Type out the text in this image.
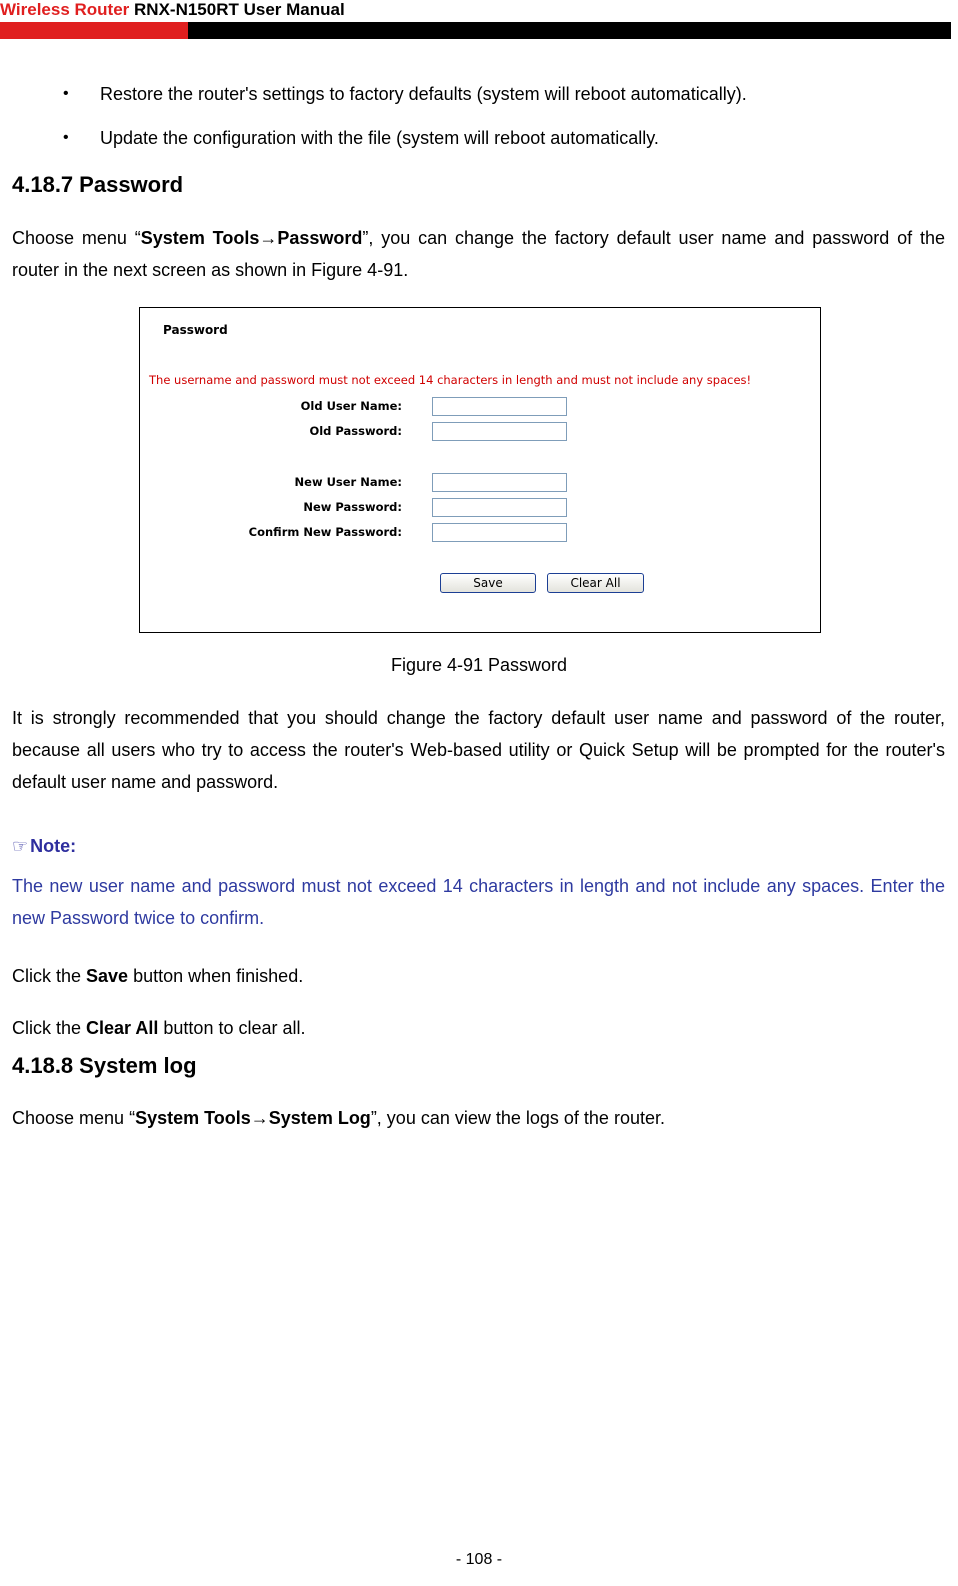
Wireless Router RNX-N150RT User Manual
• Restore the router's settings to factory defaults (system will reboot automatically).
• Update the configuration with the file (system will reboot automatically.
4.18.7 Password
Choose menu “System Tools→Password”, you can change the factory default user name and password of the router in the next screen as shown in Figure 4-91.
Password
The username and password must not exceed 14 characters in length and must not include any spaces!
Old User Name:
Old Password:
New User Name:
New Password:
Confirm New Password:
Save	Clear All
Figure 4-91 Password
It is strongly recommended that you should change the factory default user name and password of the router, because all users who try to access the router's Web-based utility or Quick Setup will be prompted for the router's default user name and password.
☞ Note:
The new user name and password must not exceed 14 characters in length and not include any spaces. Enter the new Password twice to confirm.
Click the Save button when finished.
Click the Clear All button to clear all.
4.18.8 System log
Choose menu “System Tools→System Log”, you can view the logs of the router.
- 108 -
